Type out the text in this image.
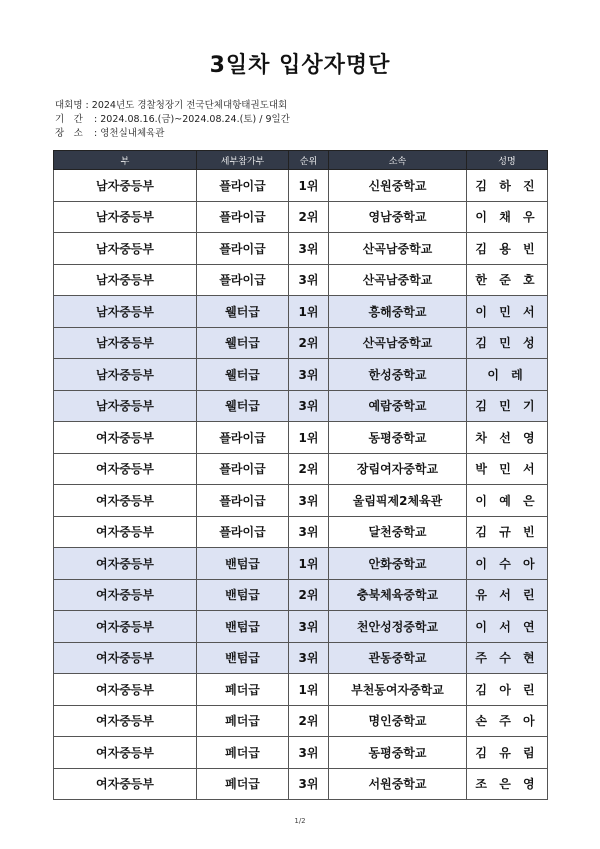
3일차 입상자명단
대회명 : 2024년도 경찰청장기 전국단체대항태권도대회
기　간 : 2024.08.16.(금)~2024.08.24.(토) / 9일간
장　소 : 영천실내체육관
부	세부참가부	순위	소속	성명
남자중등부	플라이급	1위	신원중학교	김 하 진
남자중등부	플라이급	2위	영남중학교	이 채 우
남자중등부	플라이급	3위	산곡남중학교	김 용 빈
남자중등부	플라이급	3위	산곡남중학교	한 준 호
남자중등부	웰터급	1위	흥해중학교	이 민 서
남자중등부	웰터급	2위	산곡남중학교	김 민 성
남자중등부	웰터급	3위	한성중학교	이 레
남자중등부	웰터급	3위	예람중학교	김 민 기
여자중등부	플라이급	1위	동평중학교	차 선 영
여자중등부	플라이급	2위	장림여자중학교	박 민 서
여자중등부	플라이급	3위	울림픽제2체육관	이 예 은
여자중등부	플라이급	3위	달천중학교	김 규 빈
여자중등부	밴텀급	1위	안화중학교	이 수 아
여자중등부	밴텀급	2위	충북체육중학교	유 서 린
여자중등부	밴텀급	3위	천안성정중학교	이 서 연
여자중등부	밴텀급	3위	관동중학교	주 수 현
여자중등부	페더급	1위	부천동여자중학교	김 아 린
여자중등부	페더급	2위	명인중학교	손 주 아
여자중등부	페더급	3위	동평중학교	김 유 림
여자중등부	페더급	3위	서원중학교	조 은 영
1/2
